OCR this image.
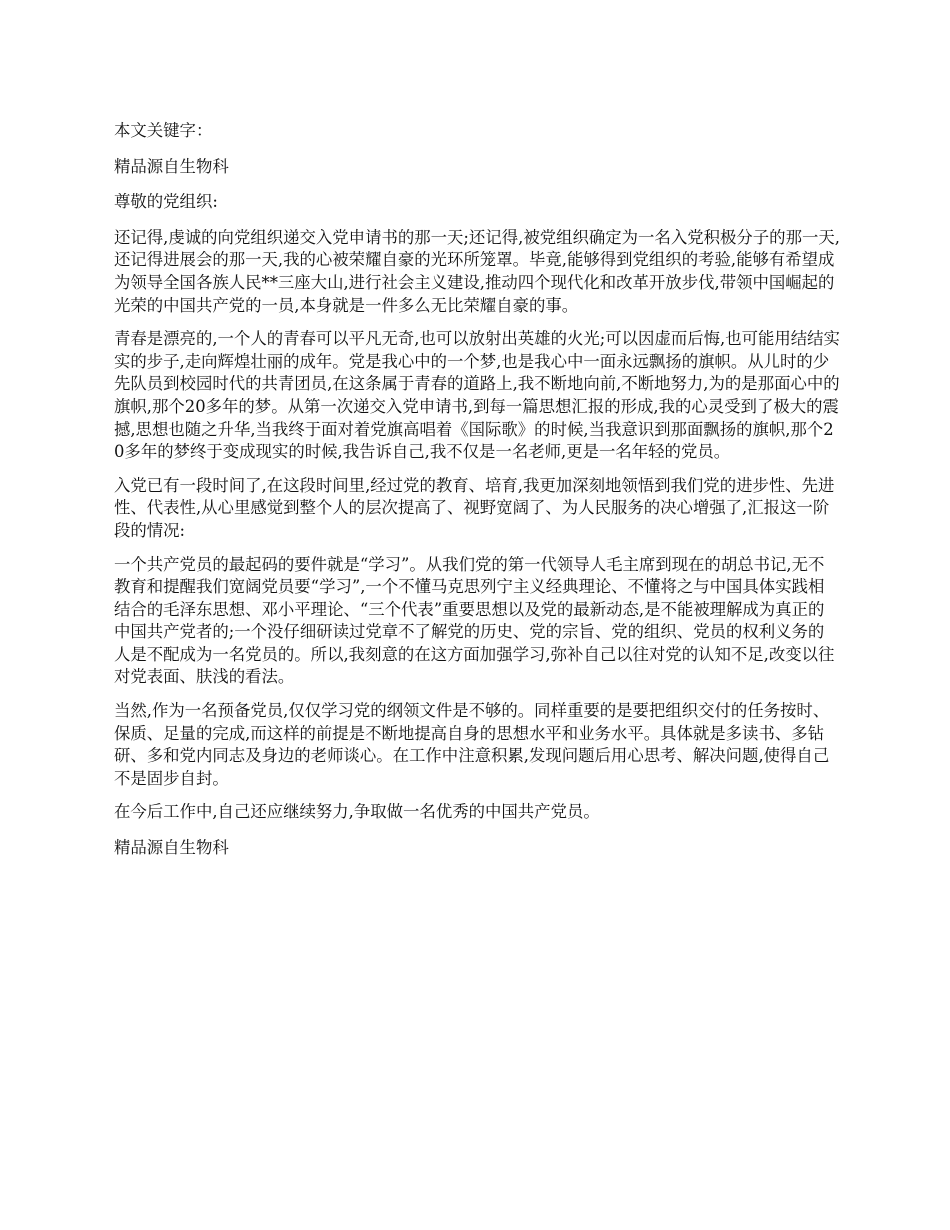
本文关键字：

精品源自生物科

尊敬的党组织:

还记得,虔诚的向党组织递交入党申请书的那一天;还记得,被党组织确定为一名入党积极分子的那一天,还记得进展会的那一天,我的心被荣耀自豪的光环所笼罩。毕竟,能够得到党组织的考验,能够有希望成为领导全国各族人民**三座大山,进行社会主义建设,推动四个现代化和改革开放步伐,带领中国崛起的光荣的中国共产党的一员,本身就是一件多么无比荣耀自豪的事。

青春是漂亮的,一个人的青春可以平凡无奇,也可以放射出英雄的火光;可以因虚而后悔,也可能用结结实实的步子,走向辉煌壮丽的成年。党是我心中的一个梦,也是我心中一面永远飘扬的旗帜。从儿时的少先队员到校园时代的共青团员,在这条属于青春的道路上,我不断地向前,不断地努力,为的是那面心中的旗帜,那个20多年的梦。从第一次递交入党申请书,到每一篇思想汇报的形成,我的心灵受到了极大的震撼,思想也随之升华,当我终于面对着党旗高唱着《国际歌》的时候,当我意识到那面飘扬的旗帜,那个20多年的梦终于变成现实的时候,我告诉自己,我不仅是一名老师,更是一名年轻的党员。

入党已有一段时间了,在这段时间里,经过党的教育、培育,我更加深刻地领悟到我们党的进步性、先进性、代表性,从心里感觉到整个人的层次提高了、视野宽阔了、为人民服务的决心增强了,汇报这一阶段的情况:

一个共产党员的最起码的要件就是“学习”。从我们党的第一代领导人毛主席到现在的胡总书记,无不教育和提醒我们宽阔党员要“学习”,一个不懂马克思列宁主义经典理论、不懂将之与中国具体实践相结合的毛泽东思想、邓小平理论、“三个代表”重要思想以及党的最新动态,是不能被理解成为真正的中国共产党者的;一个没仔细研读过党章不了解党的历史、党的宗旨、党的组织、党员的权利义务的人是不配成为一名党员的。所以,我刻意的在这方面加强学习,弥补自己以往对党的认知不足,改变以往对党表面、肤浅的看法。

当然,作为一名预备党员,仅仅学习党的纲领文件是不够的。同样重要的是要把组织交付的任务按时、保质、足量的完成,而这样的前提是不断地提高自身的思想水平和业务水平。具体就是多读书、多钻研、多和党内同志及身边的老师谈心。在工作中注意积累,发现问题后用心思考、解决问题,使得自己不是固步自封。

在今后工作中,自己还应继续努力,争取做一名优秀的中国共产党员。

精品源自生物科
